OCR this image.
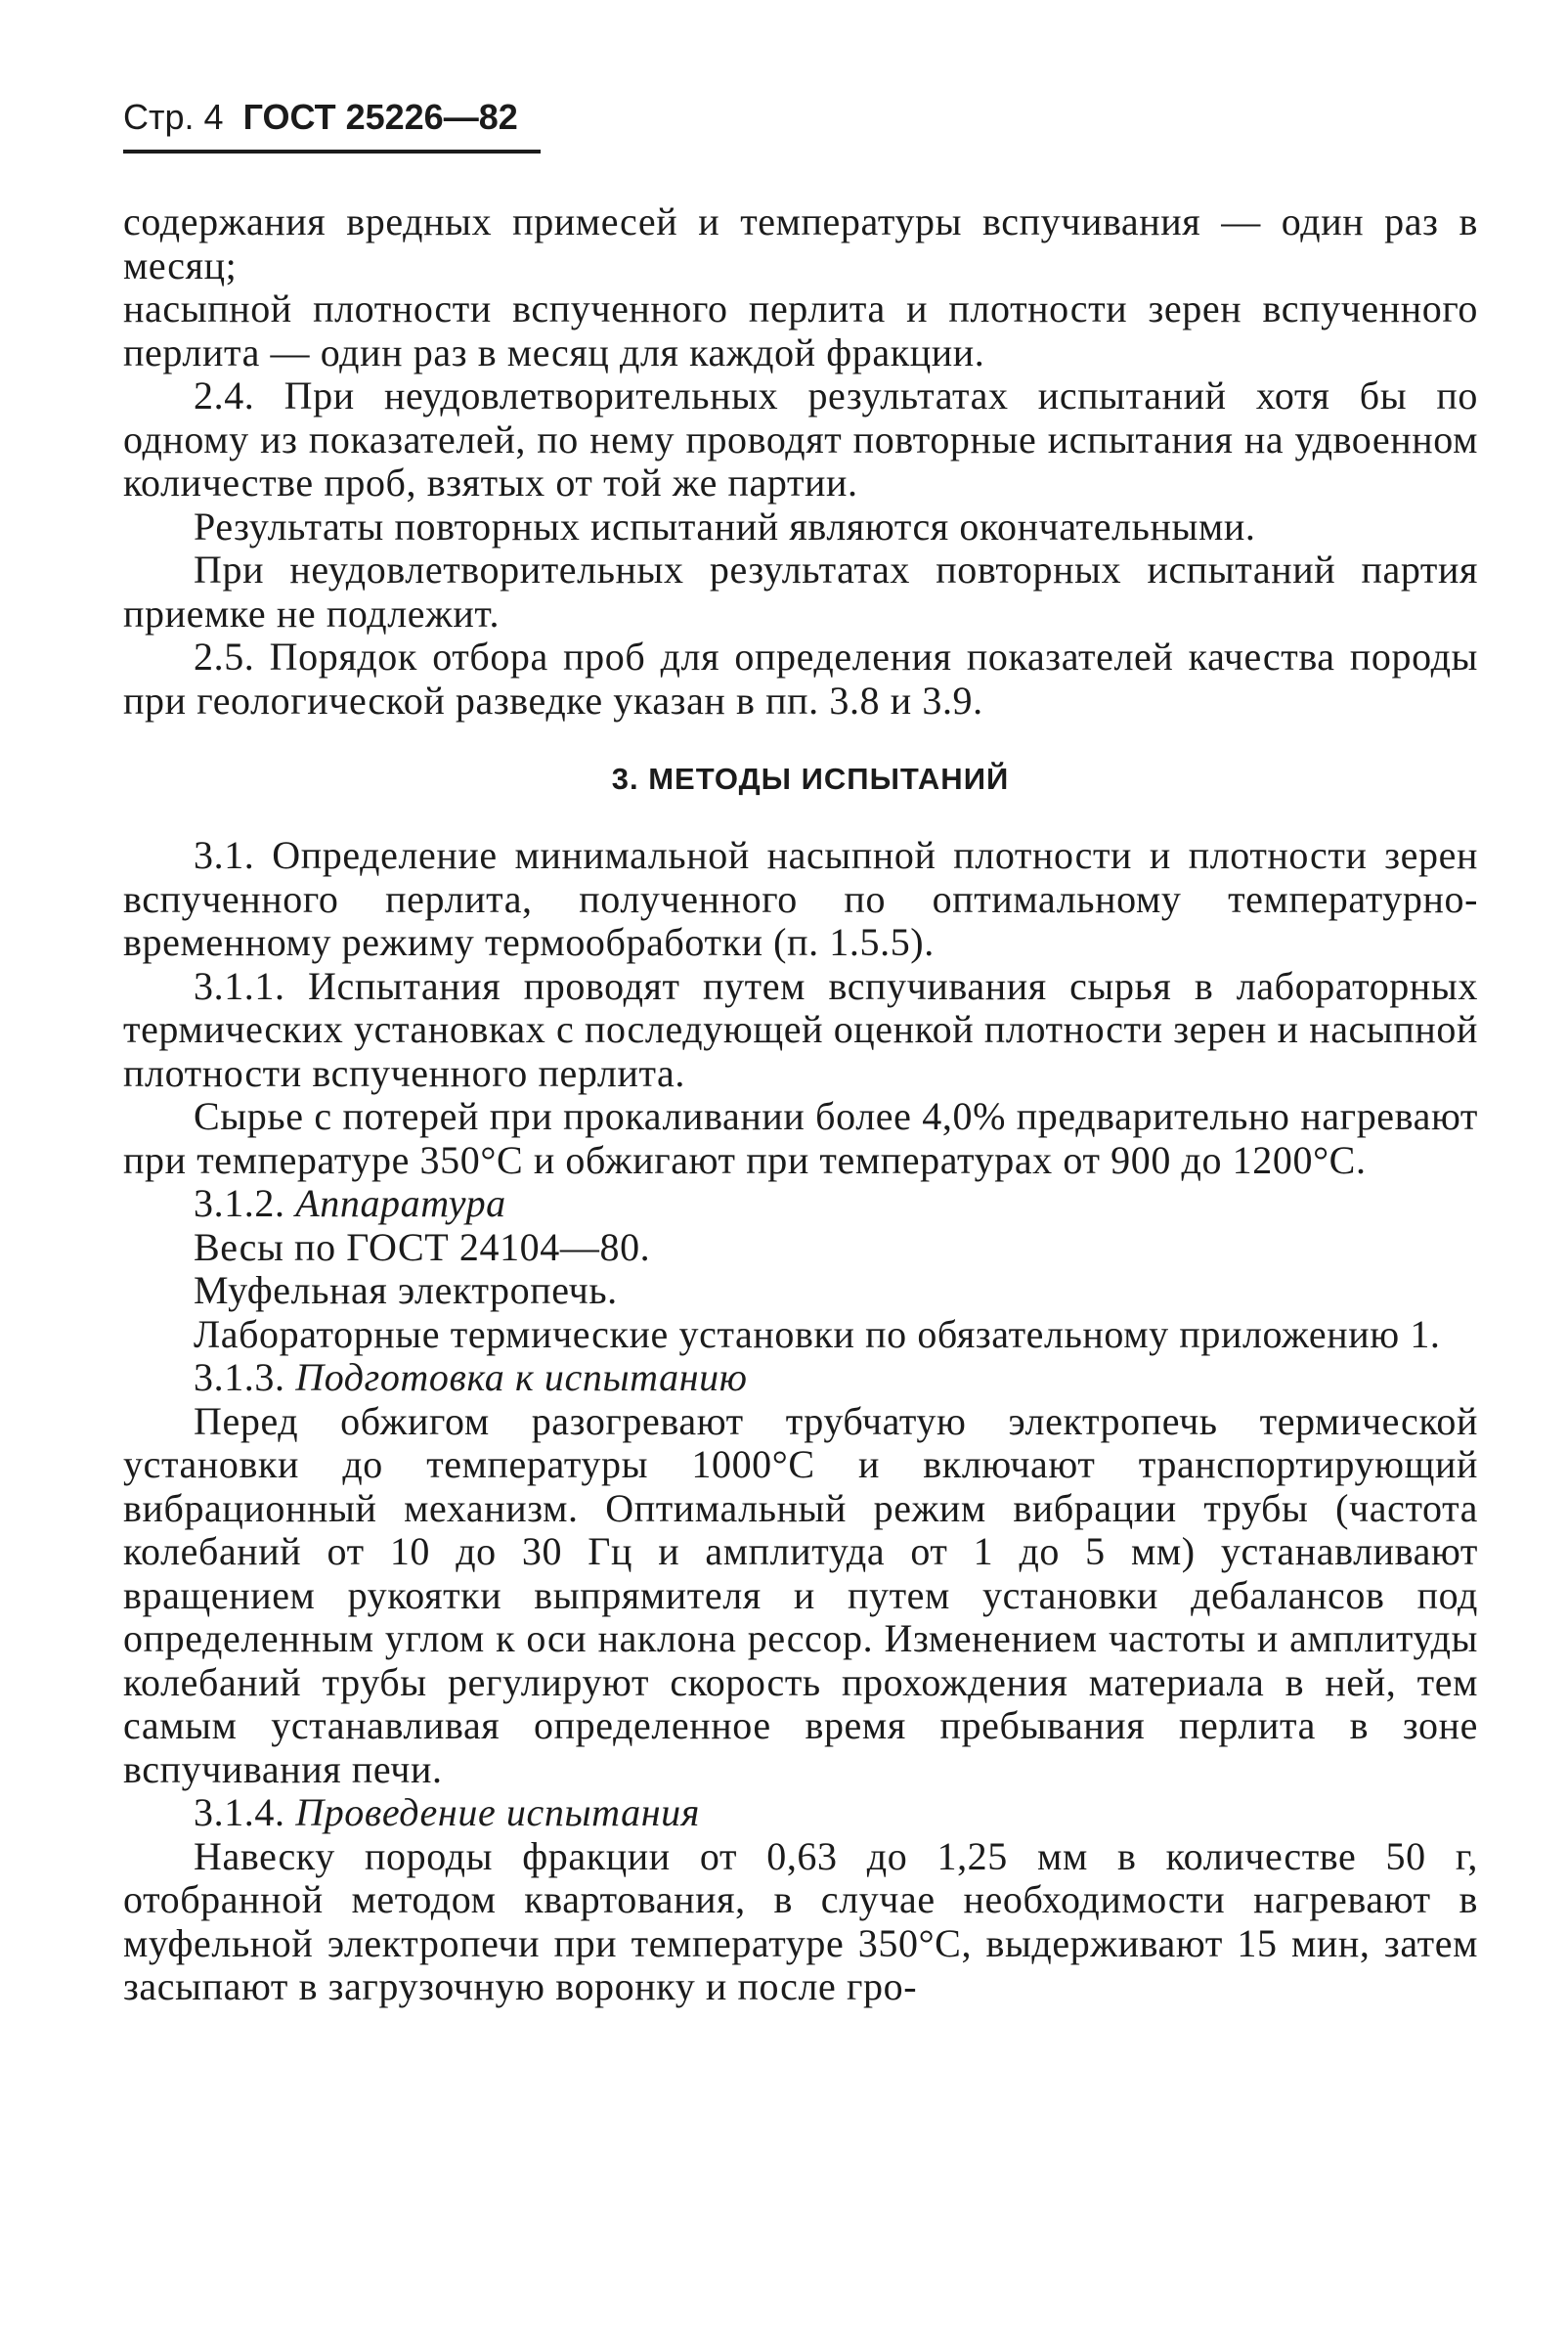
Стр. 4 ГОСТ 25226—82

содержания вредных примесей и температуры вспучивания — один раз в месяц;

насыпной плотности вспученного перлита и плотности зерен вспученного перлита — один раз в месяц для каждой фракции.

2.4. При неудовлетворительных результатах испытаний хотя бы по одному из показателей, по нему проводят повторные испытания на удвоенном количестве проб, взятых от той же партии.

Результаты повторных испытаний являются окончательными.

При неудовлетворительных результатах повторных испытаний партия приемке не подлежит.

2.5. Порядок отбора проб для определения показателей качества породы при геологической разведке указан в пп. 3.8 и 3.9.

3. МЕТОДЫ ИСПЫТАНИЙ

3.1. Определение минимальной насыпной плотности и плотности зерен вспученного перлита, полученного по оптимальному температурно-временному режиму термообработки (п. 1.5.5).

3.1.1. Испытания проводят путем вспучивания сырья в лабораторных термических установках с последующей оценкой плотности зерен и насыпной плотности вспученного перлита.

Сырье с потерей при прокаливании более 4,0% предварительно нагревают при температуре 350°С и обжигают при температурах от 900 до 1200°С.

3.1.2. Аппаратура

Весы по ГОСТ 24104—80.

Муфельная электропечь.

Лабораторные термические установки по обязательному приложению 1.

3.1.3. Подготовка к испытанию

Перед обжигом разогревают трубчатую электропечь термической установки до температуры 1000°С и включают транспортирующий вибрационный механизм. Оптимальный режим вибрации трубы (частота колебаний от 10 до 30 Гц и амплитуда от 1 до 5 мм) устанавливают вращением рукоятки выпрямителя и путем установки дебалансов под определенным углом к оси наклона рессор. Изменением частоты и амплитуды колебаний трубы регулируют скорость прохождения материала в ней, тем самым устанавливая определенное время пребывания перлита в зоне вспучивания печи.

3.1.4. Проведение испытания

Навеску породы фракции от 0,63 до 1,25 мм в количестве 50 г, отобранной методом квартования, в случае необходимости нагревают в муфельной электропечи при температуре 350°С, выдерживают 15 мин, затем засыпают в загрузочную воронку и после гро-
